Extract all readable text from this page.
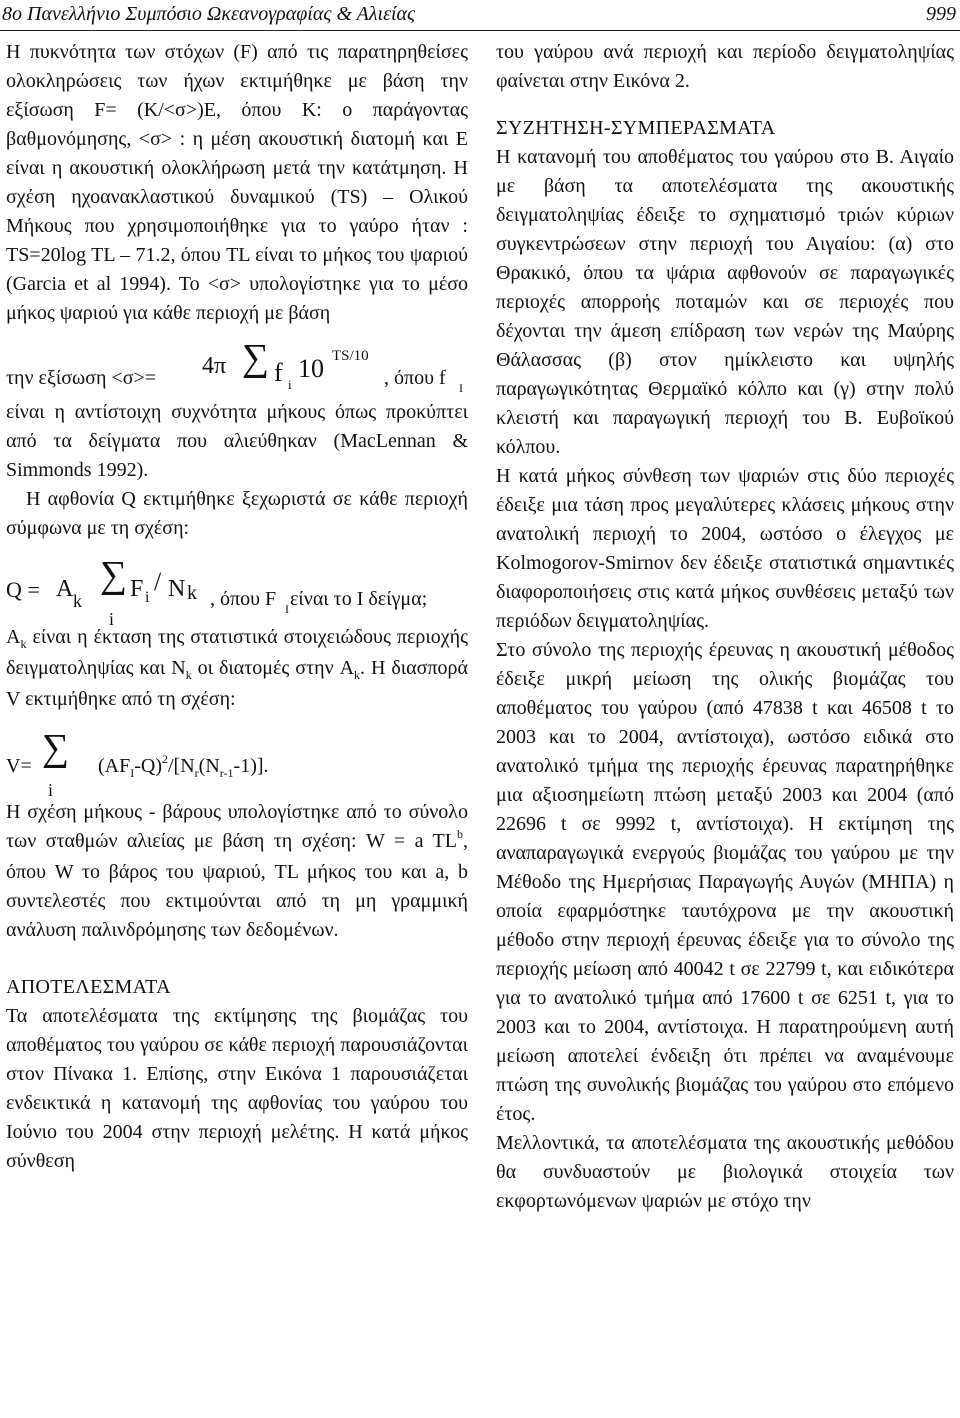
8ο Πανελλήνιο Συμπόσιο Ωκεανογραφίας & Αλιείας	999

Η πυκνότητα των στόχων (F) από τις παρατηρηθείσες ολοκληρώσεις των ήχων εκτιμήθηκε με βάση την εξίσωση F= (K/<σ>)E, όπου K: ο παράγοντας βαθμονόμησης, <σ> : η μέση ακουστική διατομή και Ε είναι η ακουστική ολοκλήρωση μετά την κατάτμηση. Η σχέση ηχοανακλαστικού δυναμικού (TS) – Ολικού Μήκους που χρησιμοποιήθηκε για το γαύρο ήταν : TS=20log TL – 71.2, όπου TL είναι το μήκος του ψαριού (Garcia et al 1994). Το <σ> υπολογίστηκε για το μέσο μήκος ψαριού για κάθε περιοχή με βάση

την εξίσωση <σ>= 4π ∑ f i
10 TS/10
, όπου f I

είναι η αντίστοιχη συχνότητα μήκους όπως προκύπτει από τα δείγματα που αλιεύθηκαν (MacLennan & Simmonds 1992).

Η αφθονία Q εκτιμήθηκε ξεχωριστά σε κάθε περιοχή σύμφωνα με τη σχέση:

Q = A k
∑
i
F i
/ N k , όπου F I είναι το I δείγμα;

$A_k$ είναι η έκταση της στατιστικά στοιχειώδους περιοχής δειγματοληψίας και $N_k$ οι διατομές στην $A_k$. Η διασπορά V εκτιμήθηκε από τη σχέση:

V= ∑
i
$(AF_I-Q)^2/[N_r(N_{r-1}-1)]$.

Η σχέση μήκους - βάρους υπολογίστηκε από το σύνολο των σταθμών αλιείας με βάση τη σχέση: W = a $TL^b$, όπου W το βάρος του ψαριού, TL μήκος του και a, b συντελεστές που εκτιμούνται από τη μη γραμμική ανάλυση παλινδρόμησης των δεδομένων.

ΑΠΟΤΕΛΕΣΜΑΤΑ

Τα αποτελέσματα της εκτίμησης της βιομάζας του αποθέματος του γαύρου σε κάθε περιοχή παρουσιάζονται στον Πίνακα 1. Επίσης, στην Εικόνα 1 παρουσιάζεται ενδεικτικά η κατανομή της αφθονίας του γαύρου του Ιούνιο του 2004 στην περιοχή μελέτης. Η κατά μήκος σύνθεση

του γαύρου ανά περιοχή και περίοδο δειγματοληψίας φαίνεται στην Εικόνα 2.

ΣΥΖΗΤΗΣΗ-ΣΥΜΠΕΡΑΣΜΑΤΑ

Η κατανομή του αποθέματος του γαύρου στο Β. Αιγαίο με βάση τα αποτελέσματα της ακουστικής δειγματοληψίας έδειξε το σχηματισμό τριών κύριων συγκεντρώσεων στην περιοχή του Αιγαίου: (α) στο Θρακικό, όπου τα ψάρια αφθονούν σε παραγωγικές περιοχές απορροής ποταμών και σε περιοχές που δέχονται την άμεση επίδραση των νερών της Μαύρης Θάλασσας (β) στον ημίκλειστο και υψηλής παραγωγικότητας Θερμαϊκό κόλπο και (γ) στην πολύ κλειστή και παραγωγική περιοχή του Β. Ευβοϊκού κόλπου.

Η κατά μήκος σύνθεση των ψαριών στις δύο περιοχές έδειξε μια τάση προς μεγαλύτερες κλάσεις μήκους στην ανατολική περιοχή το 2004, ωστόσο ο έλεγχος με Kolmogorov-Smirnov δεν έδειξε στατιστικά σημαντικές διαφοροποιήσεις στις κατά μήκος συνθέσεις μεταξύ των περιόδων δειγματοληψίας.

Στο σύνολο της περιοχής έρευνας η ακουστική μέθοδος έδειξε μικρή μείωση της ολικής βιομάζας του αποθέματος του γαύρου (από 47838 t και 46508 t το 2003 και το 2004, αντίστοιχα), ωστόσο ειδικά στο ανατολικό τμήμα της περιοχής έρευνας παρατηρήθηκε μια αξιοσημείωτη πτώση μεταξύ 2003 και 2004 (από 22696 t σε 9992 t, αντίστοιχα). Η εκτίμηση της αναπαραγωγικά ενεργούς βιομάζας του γαύρου με την Μέθοδο της Ημερήσιας Παραγωγής Αυγών (ΜΗΠΑ) η οποία εφαρμόστηκε ταυτόχρονα με την ακουστική μέθοδο στην περιοχή έρευνας έδειξε για το σύνολο της περιοχής μείωση από 40042 t σε 22799 t, και ειδικότερα για το ανατολικό τμήμα από 17600 t σε 6251 t, για το 2003 και το 2004, αντίστοιχα. Η παρατηρούμενη αυτή μείωση αποτελεί ένδειξη ότι πρέπει να αναμένουμε πτώση της συνολικής βιομάζας του γαύρου στο επόμενο έτος.

Μελλοντικά, τα αποτελέσματα της ακουστικής μεθόδου θα συνδυαστούν με βιολογικά στοιχεία των εκφορτωνόμενων ψαριών με στόχο την
